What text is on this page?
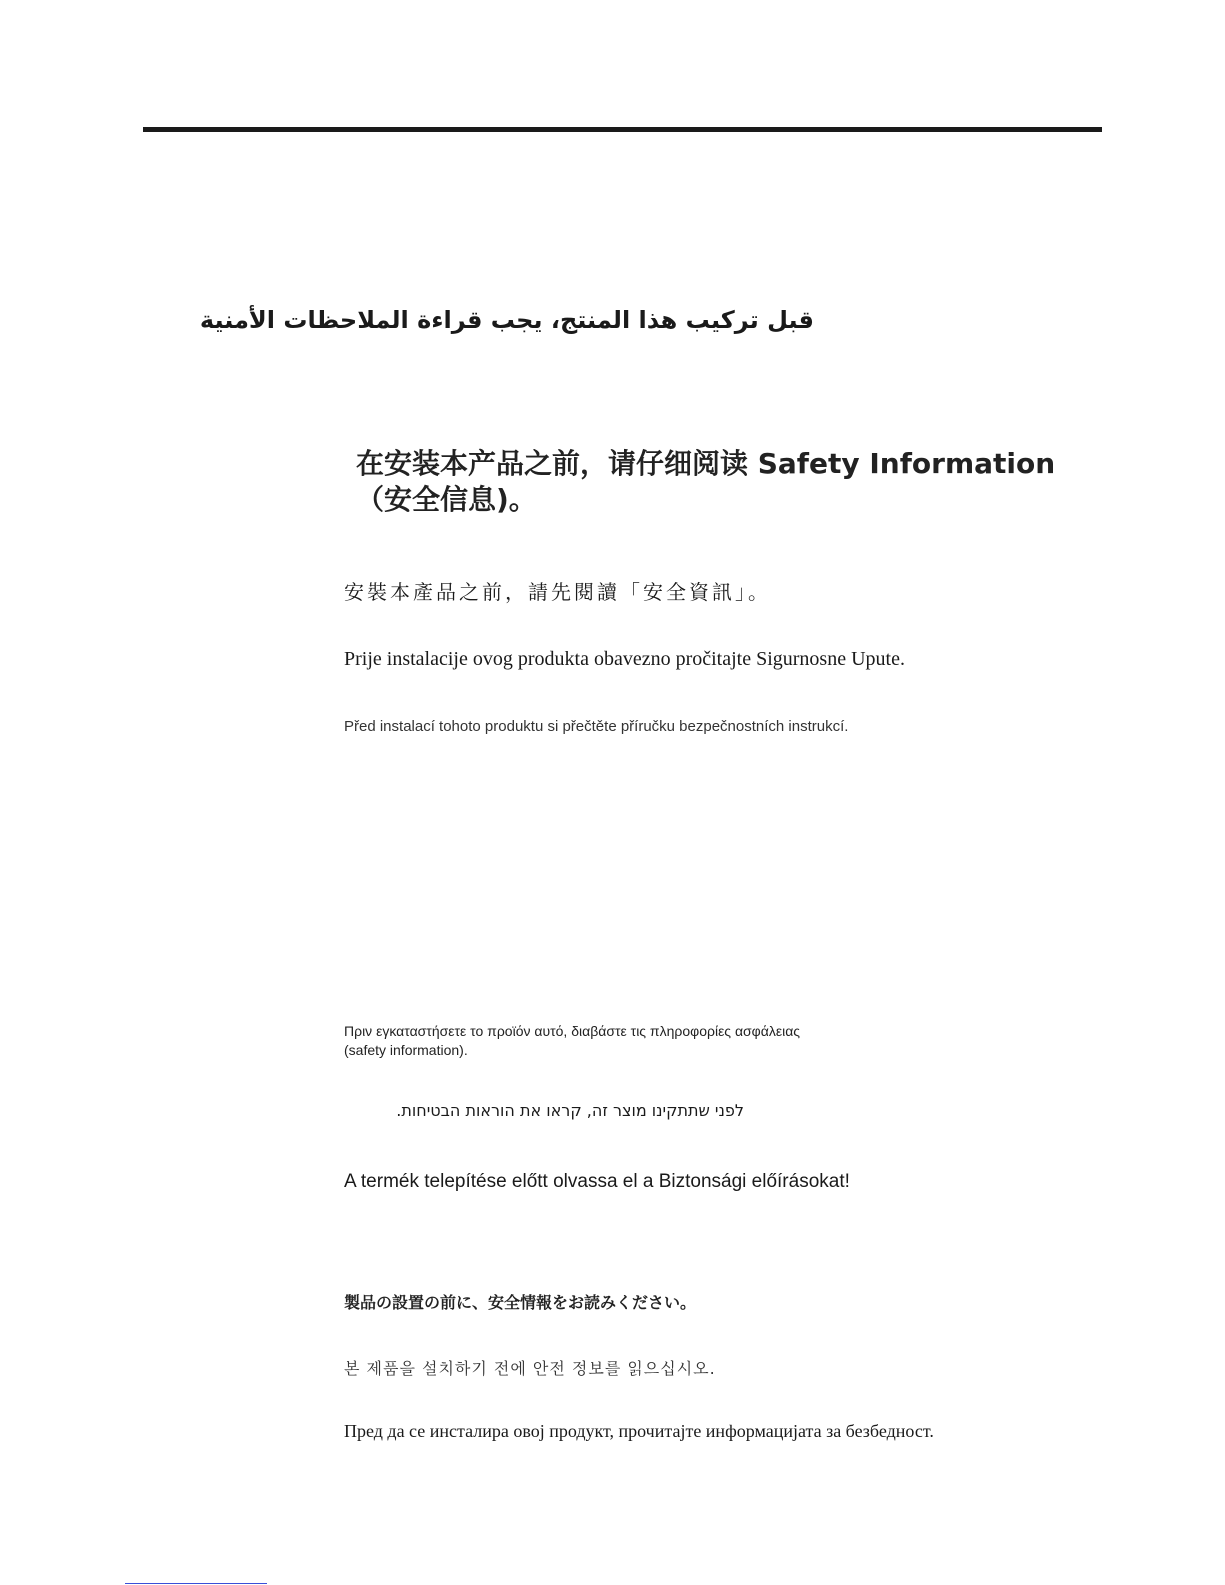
قبل تركيب هذا المنتج، يجب قراءة الملاحظات الأمنية

在安装本产品之前，请仔细阅读 Safety Information
（安全信息)。

安裝本產品之前，請先閱讀「安全資訊」。

Prije instalacije ovog produkta obavezno pročitajte Sigurnosne Upute.

Před instalací tohoto produktu si přečtěte příručku bezpečnostních instrukcí.

Πριν εγκαταστήσετε το προϊόν αυτό, διαβάστε τις πληροφορίες ασφάλειας
(safety information).

לפני שתתקינו מוצר זה, קראו את הוראות הבטיחות.

A termék telepítése előtt olvassa el a Biztonsági előírásokat!

製品の設置の前に、安全情報をお読みください。

본 제품을 설치하기 전에 안전 정보를 읽으십시오.

Пред да се инсталира овој продукт, прочитајте информацијата за безбедност.
